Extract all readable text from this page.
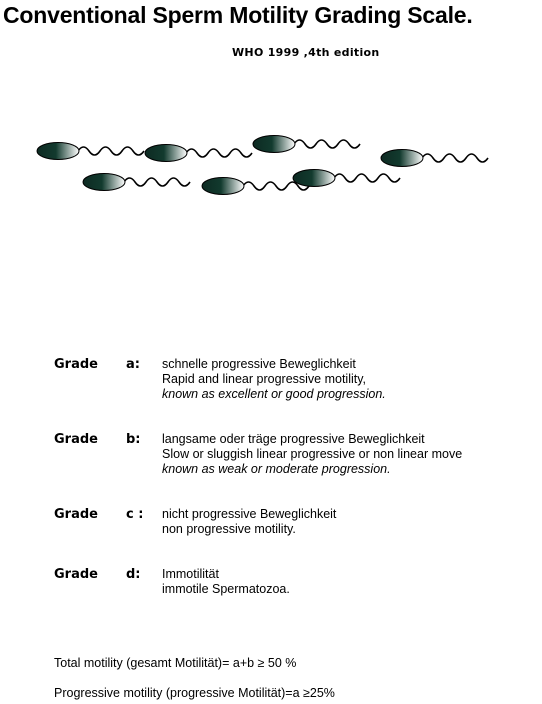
Conventional Sperm Motility Grading Scale.
WHO 1999 ,4th edition
Grade a: schnelle progressive Beweglichkeit
Rapid and linear progressive motility,
known as excellent or good progression.
Grade b: langsame oder träge progressive Beweglichkeit
Slow or sluggish linear progressive or non linear move
known as weak or moderate progression.
Grade c : nicht progressive Beweglichkeit
non progressive motility.
Grade d: Immotilität
immotile Spermatozoa.
Total motility (gesamt Motilität)= a+b ≥ 50 %
Progressive motility (progressive Motilität)=a ≥25%
